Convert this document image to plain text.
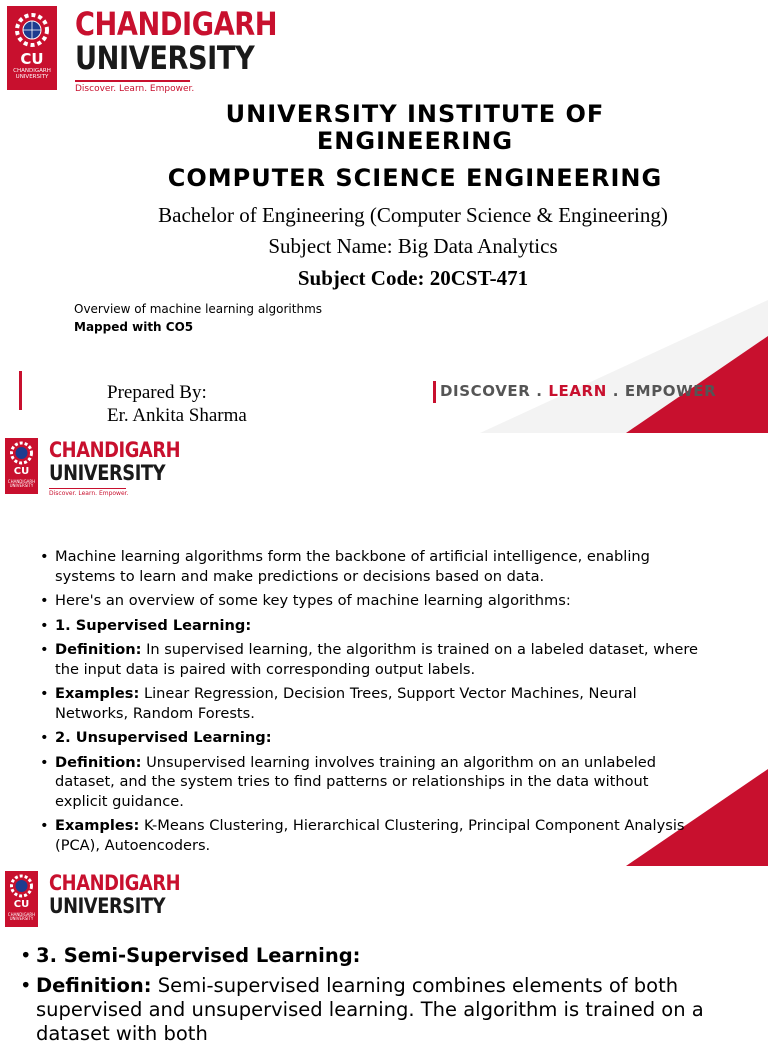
CU
CHANDIGARH
UNIVERSITY
CHANDIGARH
UNIVERSITY
Discover. Learn. Empower.
UNIVERSITY INSTITUTE OF ENGINEERING
COMPUTER SCIENCE ENGINEERING
Bachelor of Engineering (Computer Science & Engineering)
Subject Name: Big Data Analytics
Subject Code: 20CST-471
Overview of machine learning algorithms
Mapped with CO5
Prepared By:
Er. Ankita Sharma
DISCOVER . LEARN . EMPOWER
CU
CHANDIGARH
UNIVERSITY
CHANDIGARH
UNIVERSITY
Discover. Learn. Empower.
• Machine learning algorithms form the backbone of artificial intelligence, enabling systems to learn and make predictions or decisions based on data.
• Here's an overview of some key types of machine learning algorithms:
• 1. Supervised Learning:
• Definition: In supervised learning, the algorithm is trained on a labeled dataset, where the input data is paired with corresponding output labels.
• Examples: Linear Regression, Decision Trees, Support Vector Machines, Neural Networks, Random Forests.
• 2. Unsupervised Learning:
• Definition: Unsupervised learning involves training an algorithm on an unlabeled dataset, and the system tries to find patterns or relationships in the data without explicit guidance.
• Examples: K-Means Clustering, Hierarchical Clustering, Principal Component Analysis (PCA), Autoencoders.
CU
CHANDIGARH
UNIVERSITY
CHANDIGARH
UNIVERSITY
• 3. Semi-Supervised Learning:
• Definition: Semi-supervised learning combines elements of both supervised and unsupervised learning. The algorithm is trained on a dataset with both
